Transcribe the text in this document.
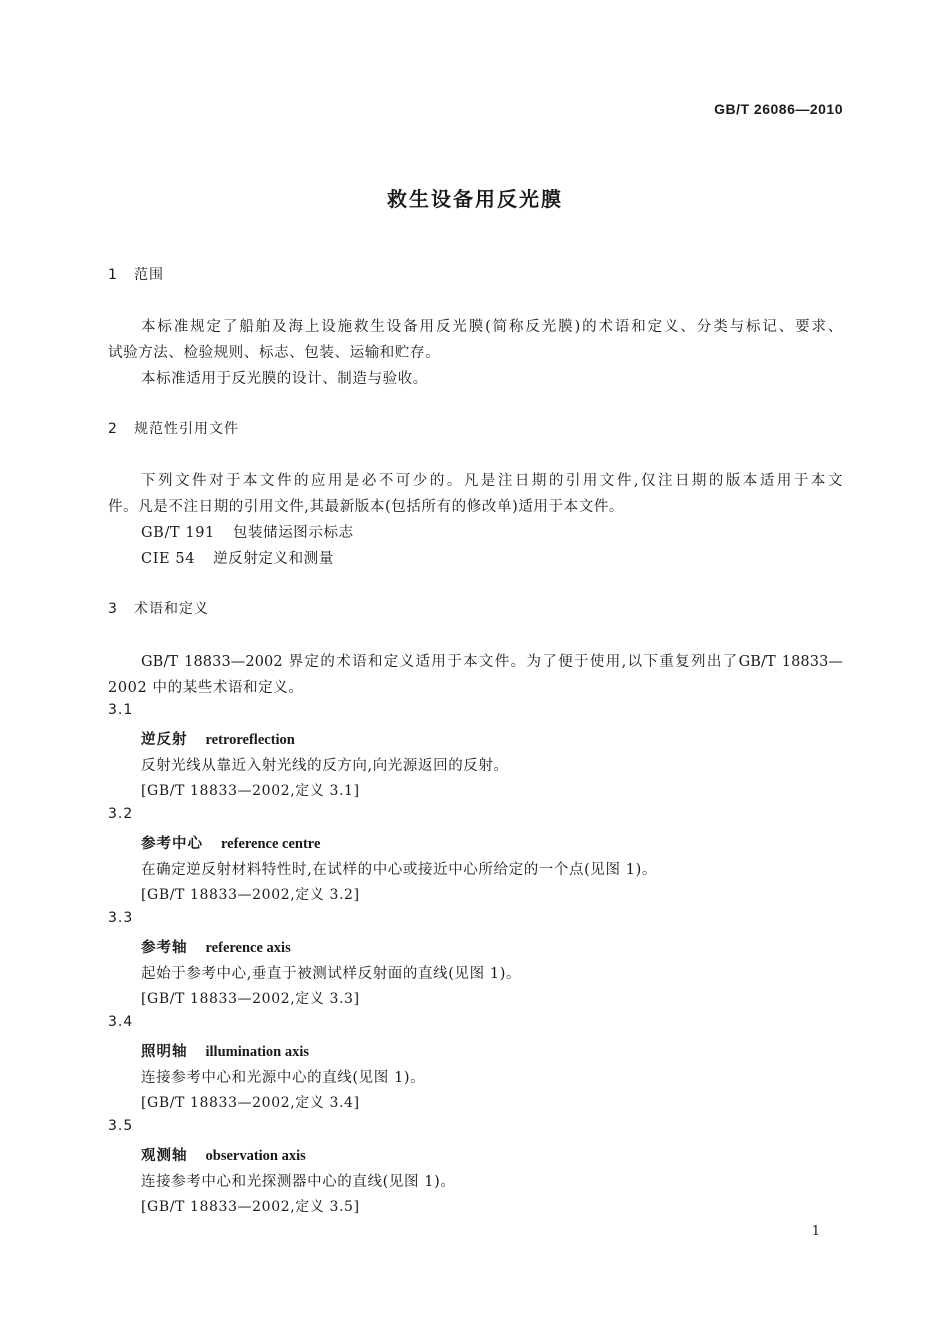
GB/T 26086—2010
救生设备用反光膜
1 范围
本标准规定了船舶及海上设施救生设备用反光膜(简称反光膜)的术语和定义、分类与标记、要求、
试验方法、检验规则、标志、包装、运输和贮存。
本标准适用于反光膜的设计、制造与验收。
2 规范性引用文件
下列文件对于本文件的应用是必不可少的。凡是注日期的引用文件,仅注日期的版本适用于本文
件。凡是不注日期的引用文件,其最新版本(包括所有的修改单)适用于本文件。
GB/T 191 包装储运图示标志
CIE 54 逆反射定义和测量
3 术语和定义
GB/T 18833—2002 界定的术语和定义适用于本文件。为了便于使用,以下重复列出了GB/T 18833—
2002 中的某些术语和定义。
3.1
逆反射 retroreflection
反射光线从靠近入射光线的反方向,向光源返回的反射。
[GB/T 18833—2002,定义 3.1]
3.2
参考中心 reference centre
在确定逆反射材料特性时,在试样的中心或接近中心所给定的一个点(见图 1)。
[GB/T 18833—2002,定义 3.2]
3.3
参考轴 reference axis
起始于参考中心,垂直于被测试样反射面的直线(见图 1)。
[GB/T 18833—2002,定义 3.3]
3.4
照明轴 illumination axis
连接参考中心和光源中心的直线(见图 1)。
[GB/T 18833—2002,定义 3.4]
3.5
观测轴 observation axis
连接参考中心和光探测器中心的直线(见图 1)。
[GB/T 18833—2002,定义 3.5]
1
